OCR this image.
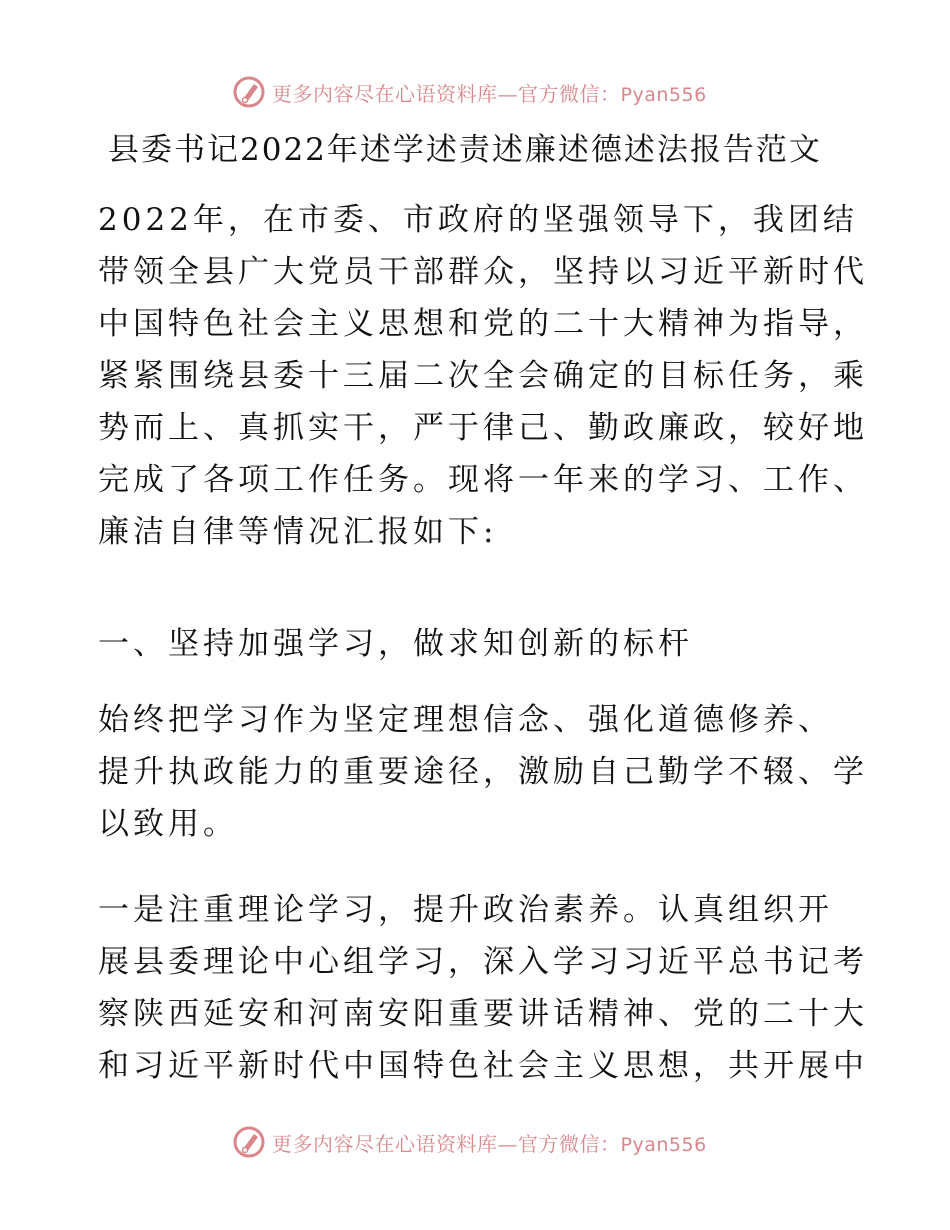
更多内容尽在心语资料库—官方微信：Pyan556
县委书记2022年述学述责述廉述德述法报告范文

2022年，在市委、市政府的坚强领导下，我团结
带领全县广大党员干部群众，坚持以习近平新时代
中国特色社会主义思想和党的二十大精神为指导，
紧紧围绕县委十三届二次全会确定的目标任务，乘
势而上、真抓实干，严于律己、勤政廉政，较好地
完成了各项工作任务。现将一年来的学习、工作、
廉洁自律等情况汇报如下:

一、坚持加强学习，做求知创新的标杆

始终把学习作为坚定理想信念、强化道德修养、
提升执政能力的重要途径，激励自己勤学不辍、学
以致用。

一是注重理论学习，提升政治素养。认真组织开
展县委理论中心组学习，深入学习习近平总书记考
察陕西延安和河南安阳重要讲话精神、党的二十大
和习近平新时代中国特色社会主义思想，共开展中

更多内容尽在心语资料库—官方微信：Pyan556
